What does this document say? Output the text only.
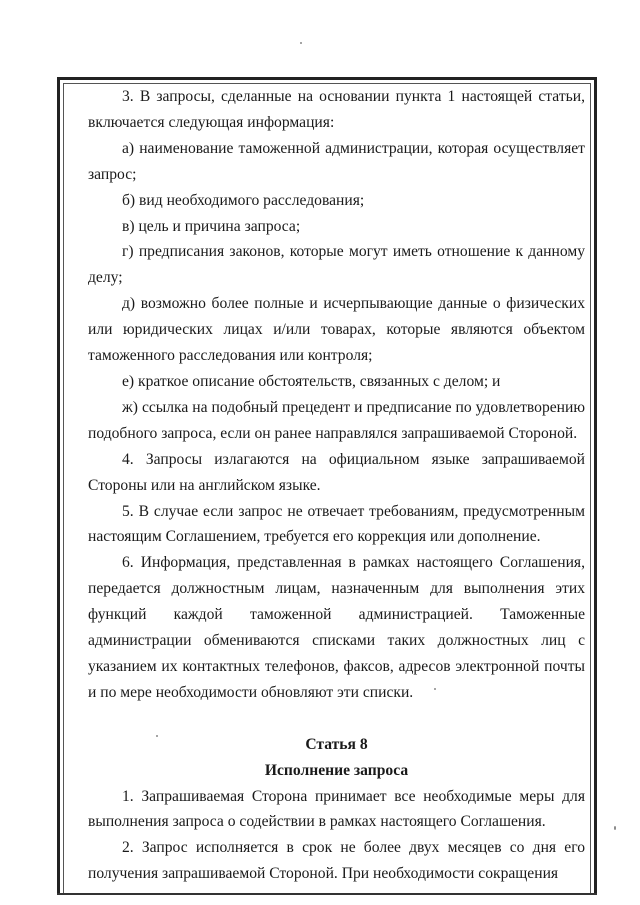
3. В запросы, сделанные на основании пункта 1 настоящей статьи, включается следующая информация:

а) наименование таможенной администрации, которая осуществляет запрос;

б) вид необходимого расследования;

в) цель и причина запроса;

г) предписания законов, которые могут иметь отношение к данному делу;

д) возможно более полные и исчерпывающие данные о физических или юридических лицах и/или товарах, которые являются объектом таможенного расследования или контроля;

е) краткое описание обстоятельств, связанных с делом; и

ж) ссылка на подобный прецедент и предписание по удовлетворению подобного запроса, если он ранее направлялся запрашиваемой Стороной.

4. Запросы излагаются на официальном языке запрашиваемой Стороны или на английском языке.

5. В случае если запрос не отвечает требованиям, предусмотренным настоящим Соглашением, требуется его коррекция или дополнение.

6. Информация, представленная в рамках настоящего Соглашения, передается должностным лицам, назначенным для выполнения этих функций каждой таможенной администрацией. Таможенные администрации обмениваются списками таких должностных лиц с указанием их контактных телефонов, факсов, адресов электронной почты и по мере необходимости обновляют эти списки.

Статья 8

Исполнение запроса

1. Запрашиваемая Сторона принимает все необходимые меры для выполнения запроса о содействии в рамках настоящего Соглашения.

2. Запрос исполняется в срок не более двух месяцев со дня его получения запрашиваемой Стороной. При необходимости сокращения
